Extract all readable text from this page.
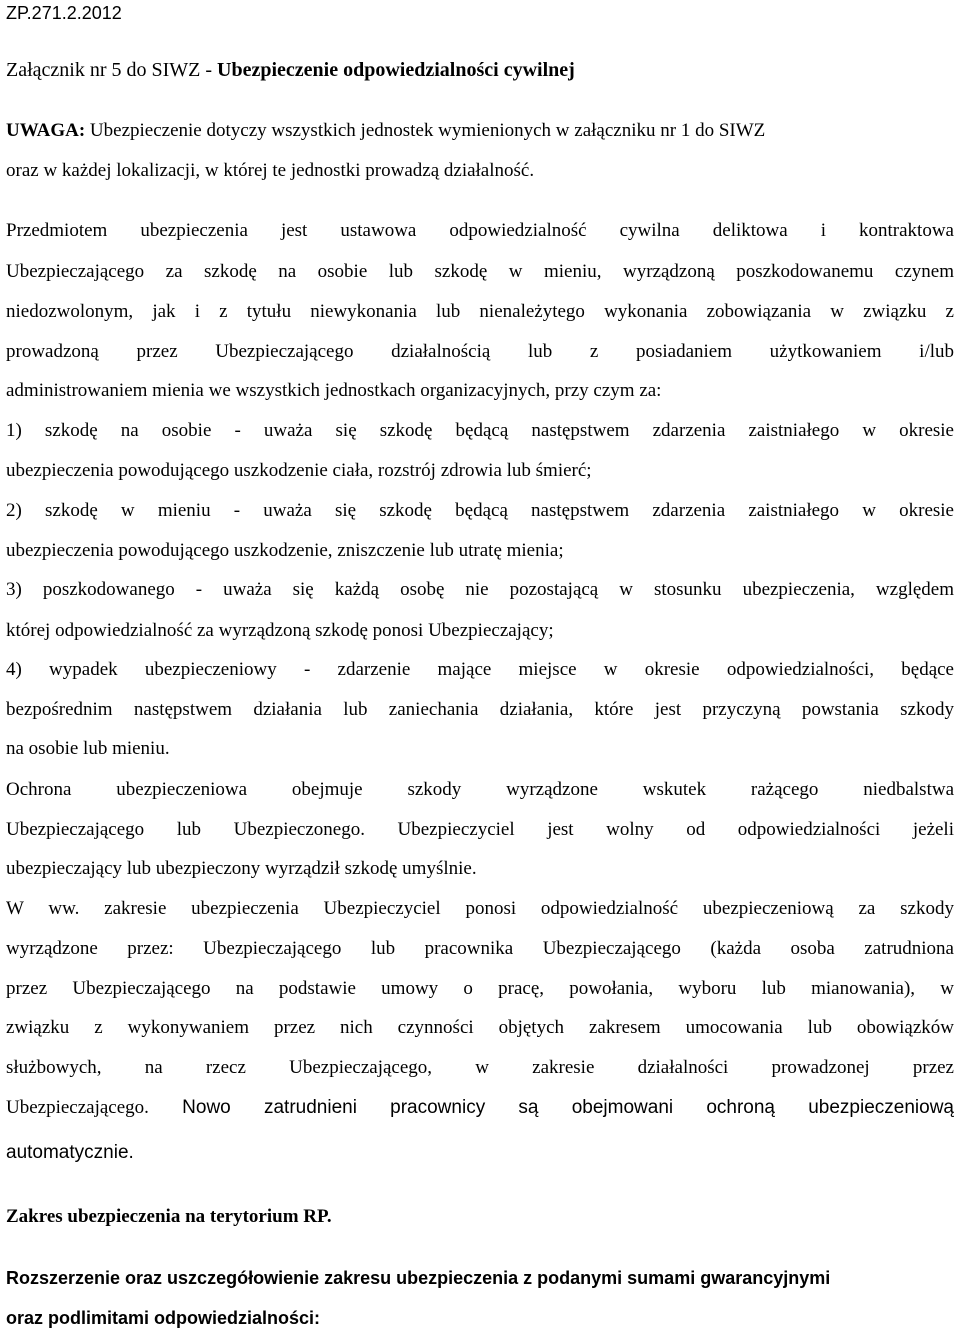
ZP.271.2.2012
Załącznik nr 5 do SIWZ - Ubezpieczenie odpowiedzialności cywilnej
UWAGA: Ubezpieczenie dotyczy wszystkich jednostek wymienionych w załączniku nr 1 do SIWZ
oraz w każdej lokalizacji, w której te jednostki prowadzą działalność.
Przedmiotem ubezpieczenia jest ustawowa odpowiedzialność cywilna deliktowa i kontraktowa
Ubezpieczającego za szkodę na osobie lub szkodę w mieniu, wyrządzoną poszkodowanemu czynem
niedozwolonym, jak i z tytułu niewykonania lub nienależytego wykonania zobowiązania w związku z
prowadzoną przez Ubezpieczającego działalnością lub z posiadaniem użytkowaniem i/lub
administrowaniem mienia we wszystkich jednostkach organizacyjnych, przy czym za:
1) szkodę na osobie - uważa się szkodę będącą następstwem zdarzenia zaistniałego w okresie
ubezpieczenia powodującego uszkodzenie ciała, rozstrój zdrowia lub śmierć;
2) szkodę w mieniu - uważa się szkodę będącą następstwem zdarzenia zaistniałego w okresie
ubezpieczenia powodującego uszkodzenie, zniszczenie lub utratę mienia;
3) poszkodowanego - uważa się każdą osobę nie pozostającą w stosunku ubezpieczenia, względem
której odpowiedzialność za wyrządzoną szkodę ponosi Ubezpieczający;
4) wypadek ubezpieczeniowy - zdarzenie mające miejsce w okresie odpowiedzialności, będące
bezpośrednim następstwem działania lub zaniechania działania, które jest przyczyną powstania szkody
na osobie lub mieniu.
Ochrona ubezpieczeniowa obejmuje szkody wyrządzone wskutek rażącego niedbalstwa
Ubezpieczającego lub Ubezpieczonego. Ubezpieczyciel jest wolny od odpowiedzialności jeżeli
ubezpieczający lub ubezpieczony wyrządził szkodę umyślnie.
W ww. zakresie ubezpieczenia Ubezpieczyciel ponosi odpowiedzialność ubezpieczeniową za szkody
wyrządzone przez: Ubezpieczającego lub pracownika Ubezpieczającego (każda osoba zatrudniona
przez Ubezpieczającego na podstawie umowy o pracę, powołania, wyboru lub mianowania), w
związku z wykonywaniem przez nich czynności objętych zakresem umocowania lub obowiązków
służbowych, na rzecz Ubezpieczającego, w zakresie działalności prowadzonej przez
Ubezpieczającego. Nowo zatrudnieni pracownicy są obejmowani ochroną ubezpieczeniową
automatycznie.
Zakres ubezpieczenia na terytorium RP.
Rozszerzenie oraz uszczegółowienie zakresu ubezpieczenia z podanymi sumami gwarancyjnymi
oraz podlimitami odpowiedzialności:
